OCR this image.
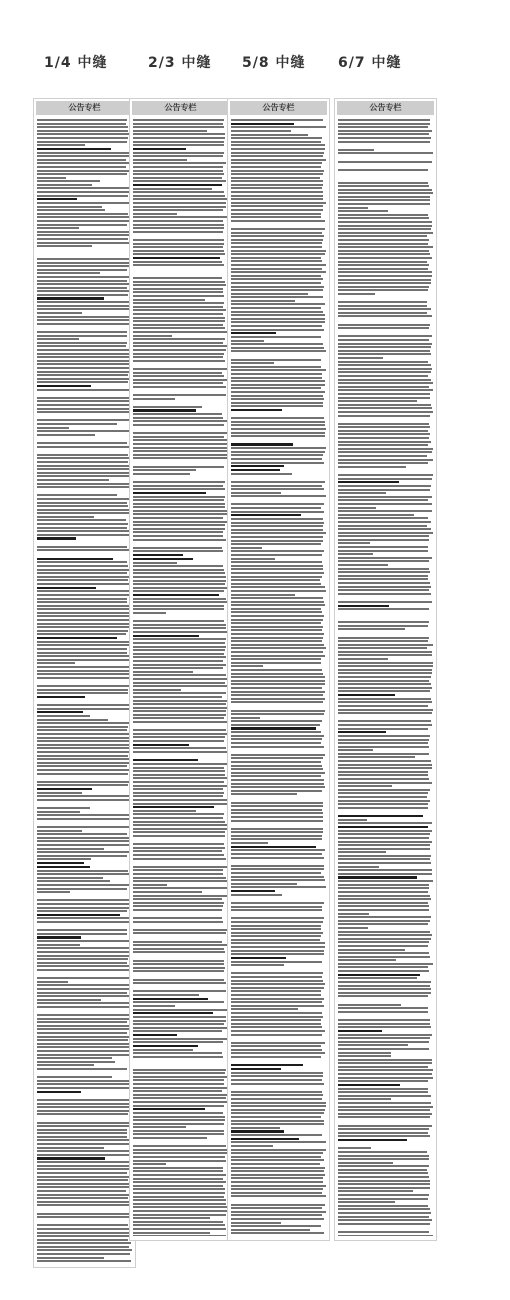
1/4 中缝	2/3 中缝 5/8 中缝 6/7 中缝
公告专栏	公告专栏	公告专栏	公告专栏
